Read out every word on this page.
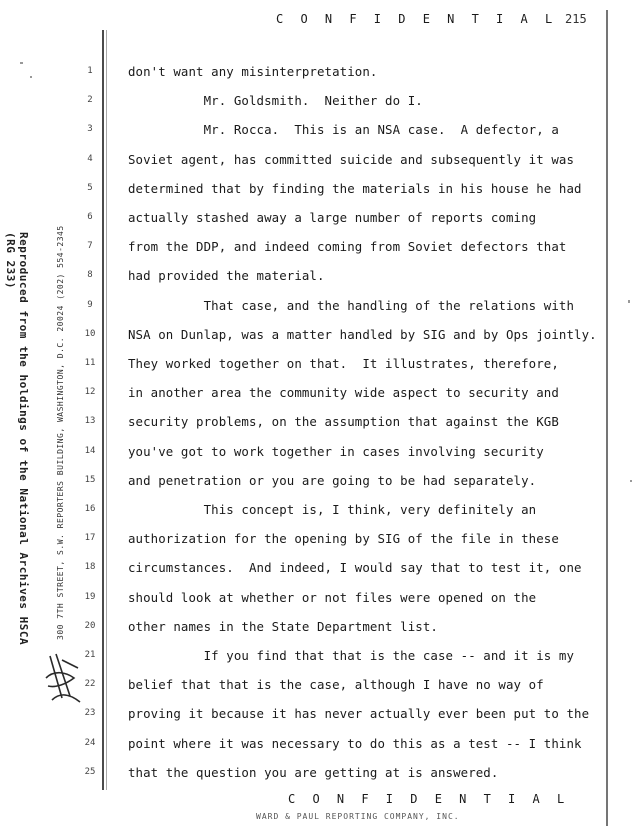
C O N F I D E N T I A L 215
Reproduced from the holdings of the National Archives HSCA (RG 233)	300 7TH STREET, S.W. REPORTERS BUILDING, WASHINGTON, D.C. 20024 (202) 554-2345
1
2
3
4
5
6
7
8
9
10
11
12
13
14
15
16
17
18
19
20
21
22
23
24
25
don't want any misinterpretation.
Mr. Goldsmith.  Neither do I.
Mr. Rocca.  This is an NSA case.  A defector, a
Soviet agent, has committed suicide and subsequently it was
determined that by finding the materials in his house he had
actually stashed away a large number of reports coming
from the DDP, and indeed coming from Soviet defectors that
had provided the material.
That case, and the handling of the relations with
NSA on Dunlap, was a matter handled by SIG and by Ops jointly.
They worked together on that.  It illustrates, therefore,
in another area the community wide aspect to security and
security problems, on the assumption that against the KGB
you've got to work together in cases involving security
and penetration or you are going to be had separately.
This concept is, I think, very definitely an
authorization for the opening by SIG of the file in these
circumstances.  And indeed, I would say that to test it, one
should look at whether or not files were opened on the
other names in the State Department list.
If you find that that is the case -- and it is my
belief that that is the case, although I have no way of
proving it because it has never actually ever been put to the
point where it was necessary to do this as a test -- I think
that the question you are getting at is answered.
C O N F I D E N T I A L
WARD & PAUL REPORTING COMPANY, INC.
